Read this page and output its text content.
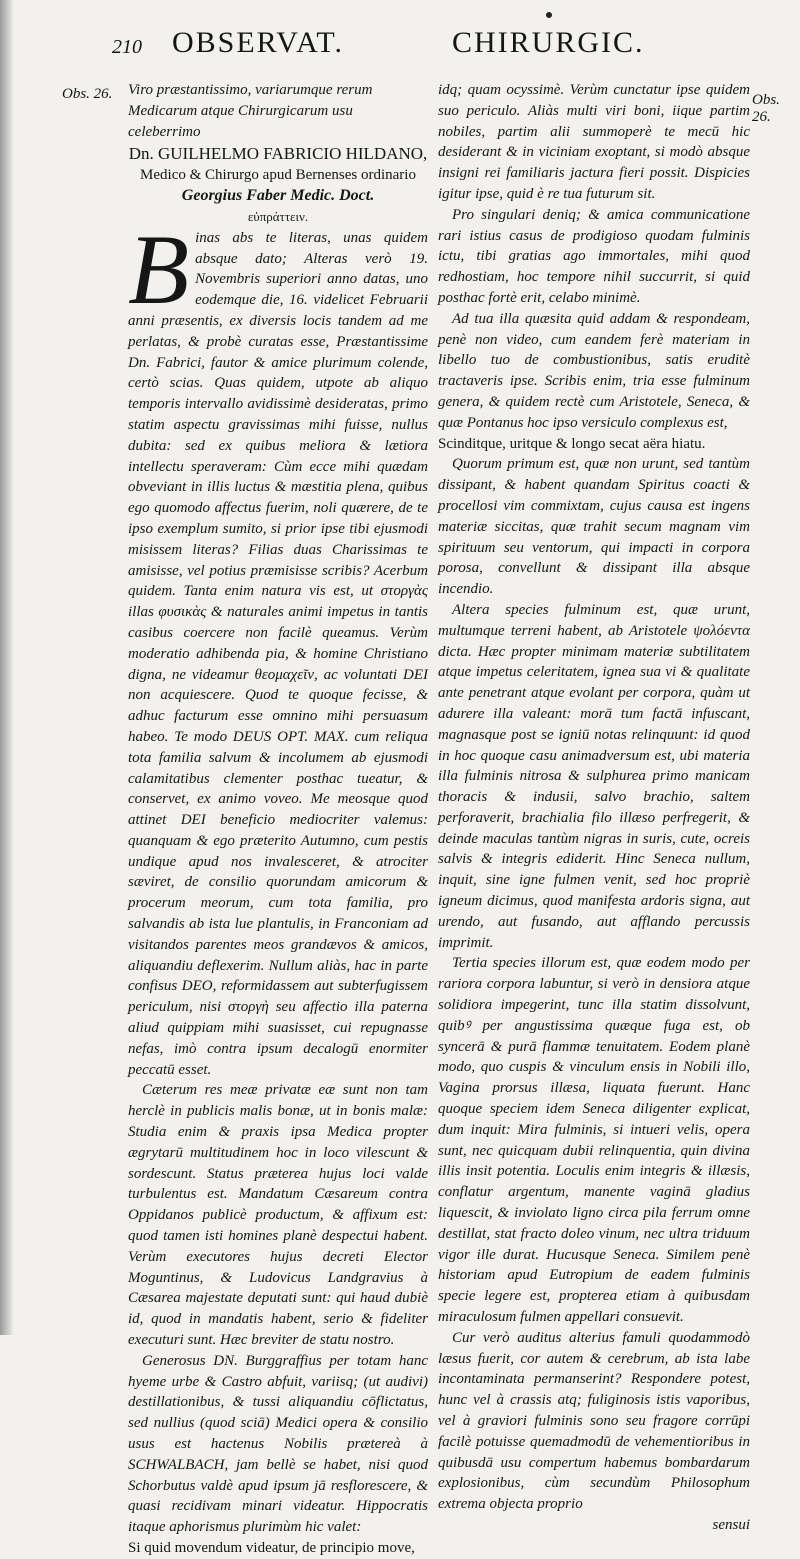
210 OBSERVAT.	CHIRURGIC.
Obs. 26.	Obs. 26.
Viro præstantissimo, variarumque rerum Medicarum atque Chirurgicarum usu celeberrimo
Dn. GUILHELMO FABRICIO HILDANO,
Medico & Chirurgo apud Bernenses ordinario
Georgius Faber Medic. Doct.
εὐπράττειν.

Binas abs te literas, unas quidem absque dato; Alteras verò 19. Novembris superiori anno datas, uno eodemque die, 16. videlicet Februarii anni præsentis, ex diversis locis tandem ad me perlatas, & probè curatas esse, Præstantissime Dn. Fabrici, fautor & amice plurimum colende, certò scias. Quas quidem, utpote ab aliquo temporis intervallo avidissimè desideratas, primo statim aspectu gravissimas mihi fuisse, nullus dubita: sed ex quibus meliora & lætiora intellectu speraveram: Cùm ecce mihi quædam obveviant in illis luctus & mæstitia plena, quibus ego quomodo affectus fuerim, noli quærere, de te ipso exemplum sumito, si prior ipse tibi ejusmodi misissem literas? Filias duas Charissimas te amisisse, vel potius præmisisse scribis? Acerbum quidem. Tanta enim natura vis est, ut στοργὰς illas φυσικὰς & naturales animi impetus in tantis casibus coercere non facilè queamus. Verùm moderatio adhibenda pia, & homine Christiano digna, ne videamur θεομαχεῖν, ac voluntati DEI non acquiescere. Quod te quoque fecisse, & adhuc facturum esse omnino mihi persuasum habeo. Te modo DEUS OPT. MAX. cum reliqua tota familia salvum & incolumem ab ejusmodi calamitatibus clementer posthac tueatur, & conservet, ex animo voveo. Me meosque quod attinet DEI beneficio mediocriter valemus: quanquam & ego præterito Autumno, cum pestis undique apud nos invalesceret, & atrociter sæviret, de consilio quorundam amicorum & procerum meorum, cum tota familia, pro salvandis ab ista lue plantulis, in Franconiam ad visitandos parentes meos grandævos & amicos, aliquandiu deflexerim. Nullum aliàs, hac in parte confisus DEO, reformidassem aut subterfugissem periculum, nisi στοργὴ seu affectio illa paterna aliud quippiam mihi suasisset, cui repugnasse nefas, imò contra ipsum decalogū enormiter peccatū esset.

Cæterum res meæ privatæ eæ sunt non tam herclè in publicis malis bonæ, ut in bonis malæ: Studia enim & praxis ipsa Medica propter ægrytarū multitudinem hoc in loco vilescunt & sordescunt. Status præterea hujus loci valde turbulentus est. Mandatum Cæsareum contra Oppidanos publicè productum, & affixum est: quod tamen isti homines planè despectui habent. Verùm executores hujus decreti Elector Moguntinus, & Ludovicus Landgravius à Cæsarea majestate deputati sunt: qui haud dubiè id, quod in mandatis habent, serio & fideliter executuri sunt. Hæc breviter de statu nostro.

Generosus DN. Burggraffius per totam hanc hyeme urbe & Castro abfuit, variisq; (ut audivi) destillationibus, & tussi aliquandiu cōflictatus, sed nullius (quod sciā) Medici opera & consilio usus est hactenus Nobilis prætereà à SCHWALBACH, jam bellè se habet, nisi quod Schorbutus valdè apud ipsum jā resflorescere, & quasi recidivam minari videatur. Hippocratis itaque aphorismus plurimùm hic valet:

Si quid movendum videatur, de principio move,

idq; quam ocyssimè. Verùm cunctatur ipse quidem suo periculo. Aliàs multi viri boni, iique partim nobiles, partim alii summoperè te mecū hic desiderant & in viciniam exoptant, si modò absque insigni rei familiaris jactura fieri possit. Dispicies igitur ipse, quid è re tua futurum sit.

Pro singulari deniq; & amica communicatione rari istius casus de prodigioso quodam fulminis ictu, tibi gratias ago immortales, mihi quod redhostiam, hoc tempore nihil succurrit, si quid posthac fortè erit, celabo minimè.

Ad tua illa quæsita quid addam & respondeam, penè non video, cum eandem ferè materiam in libello tuo de combustionibus, satis eruditè tractaveris ipse. Scribis enim, tria esse fulminum genera, & quidem rectè cum Aristotele, Seneca, & quæ Pontanus hoc ipso versiculo complexus est,

Scinditque, uritque & longo secat aëra hiatu.

Quorum primum est, quæ non urunt, sed tantùm dissipant, & habent quandam Spiritus coacti & procellosi vim commixtam, cujus causa est ingens materiæ siccitas, quæ trahit secum magnam vim spirituum seu ventorum, qui impacti in corpora porosa, convellunt & dissipant illa absque incendio.

Altera species fulminum est, quæ urunt, multumque terreni habent, ab Aristotele ψολόεντα dicta. Hæc propter minimam materiæ subtilitatem atque impetus celeritatem, ignea sua vi & qualitate ante penetrant atque evolant per corpora, quàm ut adurere illa valeant: morā tum factā infuscant, magnasque post se igniū notas relinquunt: id quod in hoc quoque casu animadversum est, ubi materia illa fulminis nitrosa & sulphurea primo manicam thoracis & indusii, salvo brachio, saltem perforaverit, brachialia filo illæso perfregerit, & deinde maculas tantùm nigras in suris, cute, ocreis salvis & integris ediderit. Hinc Seneca nullum, inquit, sine igne fulmen venit, sed hoc propriè igneum dicimus, quod manifesta ardoris signa, aut urendo, aut fusando, aut afflando percussis imprimit.

Tertia species illorum est, quæ eodem modo per rariora corpora labuntur, si verò in densiora atque solidiora impegerint, tunc illa statim dissolvunt, quibꝰ per angustissima quæque fuga est, ob syncerā & purā flammæ tenuitatem. Eodem planè modo, quo cuspis & vinculum ensis in Nobili illo, Vagina prorsus illæsa, liquata fuerunt. Hanc quoque speciem idem Seneca diligenter explicat, dum inquit: Mira fulminis, si intueri velis, opera sunt, nec quicquam dubii relinquentia, quin divina illis insit potentia. Loculis enim integris & illæsis, conflatur argentum, manente vaginā gladius liquescit, & inviolato ligno circa pila ferrum omne destillat, stat fracto doleo vinum, nec ultra triduum vigor ille durat. Hucusque Seneca. Similem penè historiam apud Eutropium de eadem fulminis specie legere est, propterea etiam à quibusdam miraculosum fulmen appellari consuevit.

Cur verò auditus alterius famuli quodammodò læsus fuerit, cor autem & cerebrum, ab ista labe incontaminata permanserint? Respondere potest, hunc vel à crassis atq; fuliginosis istis vaporibus, vel à graviori fulminis sono seu fragore corrūpi facilè potuisse quemadmodū de vehementioribus in quibusdā usu compertum habemus bombardarum explosionibus, cùm secundùm Philosophum extrema objecta proprio

sensui
